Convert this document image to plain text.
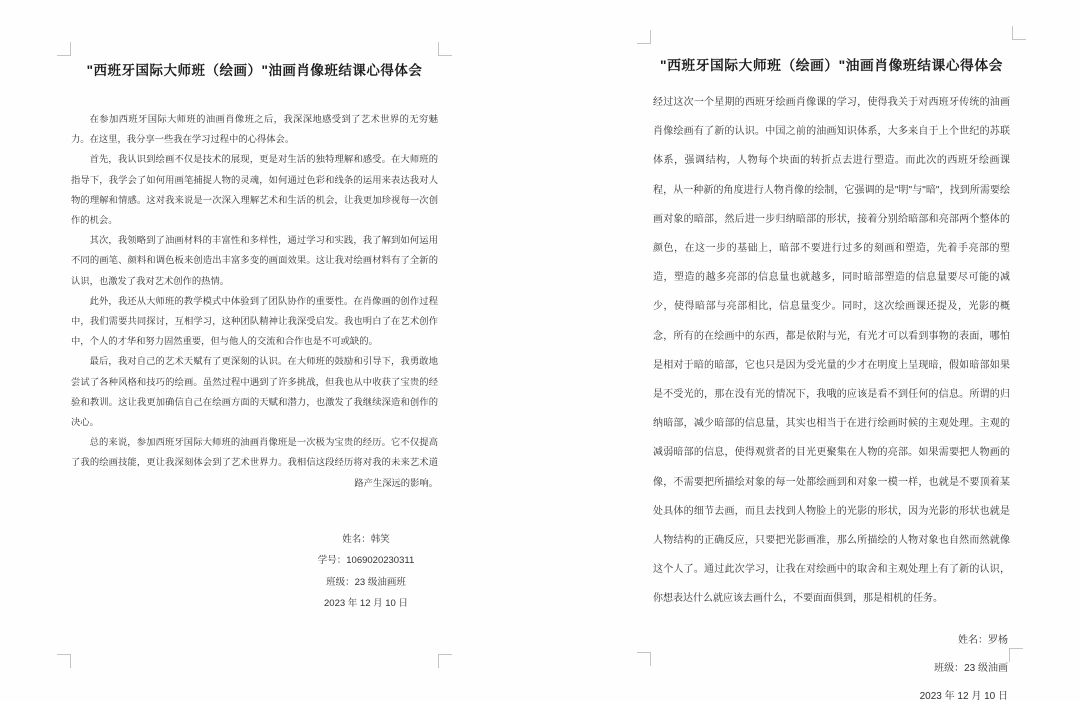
"西班牙国际大师班（绘画）"油画肖像班结课心得体会

在参加西班牙国际大师班的油画肖像班之后，我深深地感受到了艺术世界的无穷魅力。在这里，我分享一些我在学习过程中的心得体会。

首先，我认识到绘画不仅是技术的展现，更是对生活的独特理解和感受。在大师班的指导下，我学会了如何用画笔捕捉人物的灵魂，如何通过色彩和线条的运用来表达我对人物的理解和情感。这对我来说是一次深入理解艺术和生活的机会，让我更加珍视每一次创作的机会。

其次，我领略到了油画材料的丰富性和多样性，通过学习和实践，我了解到如何运用不同的画笔、颜料和调色板来创造出丰富多变的画面效果。这让我对绘画材料有了全新的认识，也激发了我对艺术创作的热情。

此外，我还从大师班的教学模式中体验到了团队协作的重要性。在肖像画的创作过程中，我们需要共同探讨，互相学习，这种团队精神让我深受启发。我也明白了在艺术创作中，个人的才华和努力固然重要，但与他人的交流和合作也是不可或缺的。

最后，我对自己的艺术天赋有了更深刻的认识。在大师班的鼓励和引导下，我勇敢地尝试了各种风格和技巧的绘画。虽然过程中遇到了许多挑战，但我也从中收获了宝贵的经验和教训。这让我更加确信自己在绘画方面的天赋和潜力，也激发了我继续深造和创作的决心。

总的来说，参加西班牙国际大师班的油画肖像班是一次极为宝贵的经历。它不仅提高了我的绘画技能，更让我深刻体会到了艺术世界力。我相信这段经历将对我的未来艺术道路产生深远的影响。

姓名：韩笑
学号：1069020230311
班级：23 级油画班
2023 年 12 月 10 日
"西班牙国际大师班（绘画）"油画肖像班结课心得体会

经过这次一个星期的西班牙绘画肖像课的学习，使得我关于对西班牙传统的油画肖像绘画有了新的认识。中国之前的油画知识体系，大多来自于上个世纪的苏联体系，强调结构，人物每个块面的转折点去进行塑造。而此次的西班牙绘画课程，从一种新的角度进行人物肖像的绘制，它强调的是"明"与"暗"，找到所需要绘画对象的暗部，然后进一步归纳暗部的形状，接着分别给暗部和亮部两个整体的颜色，在这一步的基础上，暗部不要进行过多的刻画和塑造，先着手亮部的塑造，塑造的越多亮部的信息量也就越多，同时暗部塑造的信息量要尽可能的减少，使得暗部与亮部相比，信息量变少。同时，这次绘画课还提及，光影的概念，所有的在绘画中的东西，都是依附与光，有光才可以看到事物的表面，哪怕是相对于暗的暗部，它也只是因为受光量的少才在明度上呈现暗，假如暗部如果是不受光的，那在没有光的情况下，我哦的应该是看不到任何的信息。所谓的归纳暗部，减少暗部的信息量，其实也相当于在进行绘画时候的主观处理。主观的减弱暗部的信息，使得观赏者的目光更聚集在人物的亮部。如果需要把人物画的像，不需要把所描绘对象的每一处都绘画到和对象一模一样，也就是不要顶着某处具体的细节去画，而且去找到人物脸上的光影的形状，因为光影的形状也就是人物结构的正确反应，只要把光影画准，那么所描绘的人物对象也自然而然就像这个人了。通过此次学习，让我在对绘画中的取舍和主观处理上有了新的认识，你想表达什么就应该去画什么，不要面面俱到，那是相机的任务。

姓名：罗杨
班级：23 级油画
2023 年 12 月 10 日
